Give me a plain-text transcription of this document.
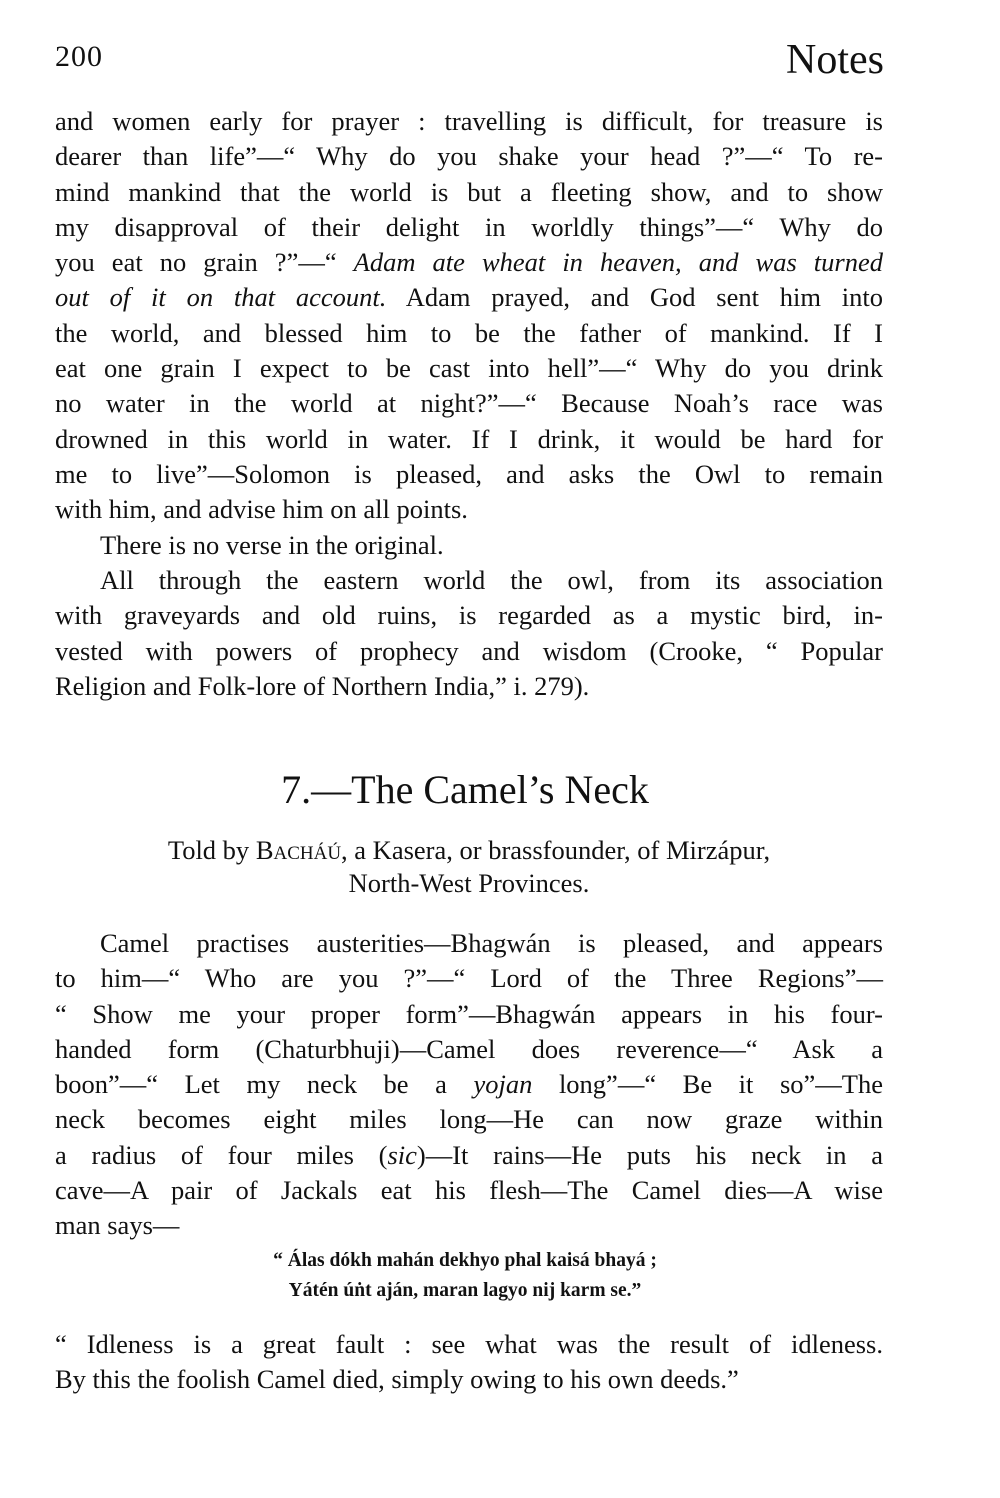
200	Notes
and women early for prayer : travelling is difficult, for treasure is
dearer than life”—“ Why do you shake your head ?”—“ To re-
mind mankind that the world is but a fleeting show, and to show
my disapproval of their delight in worldly things”—“ Why do
you eat no grain ?”—“ Adam ate wheat in heaven, and was turned
out of it on that account. Adam prayed, and God sent him into
the world, and blessed him to be the father of mankind. If I
eat one grain I expect to be cast into hell”—“ Why do you drink
no water in the world at night?”—“ Because Noah’s race was
drowned in this world in water. If I drink, it would be hard for
me to live”—Solomon is pleased, and asks the Owl to remain
with him, and advise him on all points.
There is no verse in the original.
All through the eastern world the owl, from its association
with graveyards and old ruins, is regarded as a mystic bird, in-
vested with powers of prophecy and wisdom (Crooke, “ Popular
Religion and Folk-lore of Northern India,” i. 279).
7.—The Camel’s Neck
Told by Bacháú, a Kasera, or brassfounder, of Mirzápur,
North-West Provinces.
Camel practises austerities—Bhagwán is pleased, and appears
to him—“ Who are you ?”—“ Lord of the Three Regions”—
“ Show me your proper form”—Bhagwán appears in his four-
handed form (Chaturbhuji)—Camel does reverence—“ Ask a
boon”—“ Let my neck be a yojan long”—“ Be it so”—The
neck becomes eight miles long—He can now graze within
a radius of four miles (sic)—It rains—He puts his neck in a
cave—A pair of Jackals eat his flesh—The Camel dies—A wise
man says—
“ Álas dókh mahán dekhyo phal kaisá bhayá ;
Yátén úṅt aján, maran lagyo nij karm se.”
“ Idleness is a great fault : see what was the result of idleness.
By this the foolish Camel died, simply owing to his own deeds.”
